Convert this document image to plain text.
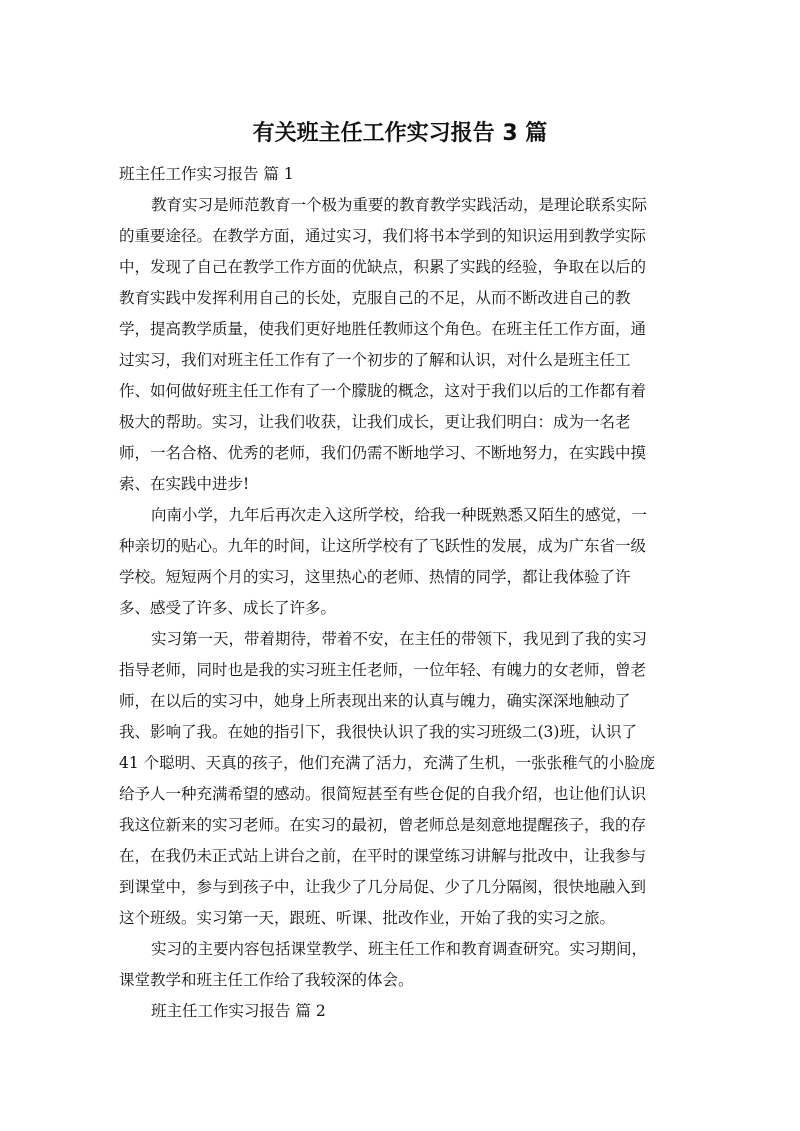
有关班主任工作实习报告 3 篇
班主任工作实习报告 篇 1
教育实习是师范教育一个极为重要的教育教学实践活动，是理论联系实际
的重要途径。在教学方面，通过实习，我们将书本学到的知识运用到教学实际
中，发现了自己在教学工作方面的优缺点，积累了实践的经验，争取在以后的
教育实践中发挥利用自己的长处，克服自己的不足，从而不断改进自己的教
学，提高教学质量，使我们更好地胜任教师这个角色。在班主任工作方面，通
过实习，我们对班主任工作有了一个初步的了解和认识，对什么是班主任工
作、如何做好班主任工作有了一个朦胧的概念，这对于我们以后的工作都有着
极大的帮助。实习，让我们收获，让我们成长，更让我们明白：成为一名老
师，一名合格、优秀的老师，我们仍需不断地学习、不断地努力，在实践中摸
索、在实践中进步!
向南小学，九年后再次走入这所学校，给我一种既熟悉又陌生的感觉，一
种亲切的贴心。九年的时间，让这所学校有了飞跃性的发展，成为广东省一级
学校。短短两个月的实习，这里热心的老师、热情的同学，都让我体验了许
多、感受了许多、成长了许多。
实习第一天，带着期待，带着不安，在主任的带领下，我见到了我的实习
指导老师，同时也是我的实习班主任老师，一位年轻、有魄力的女老师，曾老
师，在以后的实习中，她身上所表现出来的认真与魄力，确实深深地触动了
我、影响了我。在她的指引下，我很快认识了我的实习班级二(3)班，认识了
41 个聪明、天真的孩子，他们充满了活力，充满了生机，一张张稚气的小脸庞
给予人一种充满希望的感动。很简短甚至有些仓促的自我介绍，也让他们认识
我这位新来的实习老师。在实习的最初，曾老师总是刻意地提醒孩子，我的存
在，在我仍未正式站上讲台之前，在平时的课堂练习讲解与批改中，让我参与
到课堂中，参与到孩子中，让我少了几分局促、少了几分隔阂，很快地融入到
这个班级。实习第一天，跟班、听课、批改作业，开始了我的实习之旅。
实习的主要内容包括课堂教学、班主任工作和教育调查研究。实习期间，
课堂教学和班主任工作给了我较深的体会。
班主任工作实习报告 篇 2
